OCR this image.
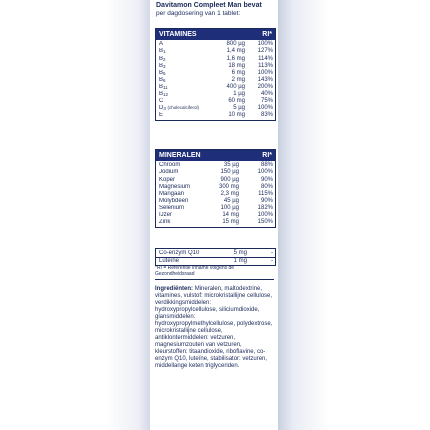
Davitamon Compleet Man bevat
per dagdosering van 1 tablet:
VITAMINES	RI*
A	800 µg	100%
$B_1$	1,4 mg	127%
$B_2$	1,6 mg	114%
$B_3$	18 mg	113%
$B_5$	6 mg	100%
$B_6$	2 mg	143%
$B_{11}$	400 µg	200%
$B_{12}$	1 µg	40%
C	60 mg	75%
$D_3$ (cholecalciferol)	5 µg	100%
E	10 mg	83%
MINERALEN	RI*
Chroom	35 µg	88%
Jodium	150 µg	100%
Koper	900 µg	90%
Magnesium	300 mg	80%
Mangaan	2,3 mg	115%
Molybdeen	45 µg	90%
Selenium	100 µg	182%
IJzer	14 mg	100%
Zink	15 mg	150%
Co-enzym Q10	5 mg	-
Luteïne	1 mg	-
*RI = Referentie inname volgens de Gezondheidsraad
Ingrediënten: Mineralen, maltodextrine, vitamines, vulstof: microkristallijne cellulose, verdikkingsmiddelen: hydroxypropylcellulose, siliciumdioxide, glansmiddelen: hydroxypropylmethylcellulose, polydextrose, microkristallijne cellulose, antiklontermiddelen: vetzuren, magnesiumzouten van vetzuren, kleurstoffen: titaandioxide, riboflavine, co-enzym Q10, luteïne, stabilisator: vetzuren, middellange keten triglyceriden.
